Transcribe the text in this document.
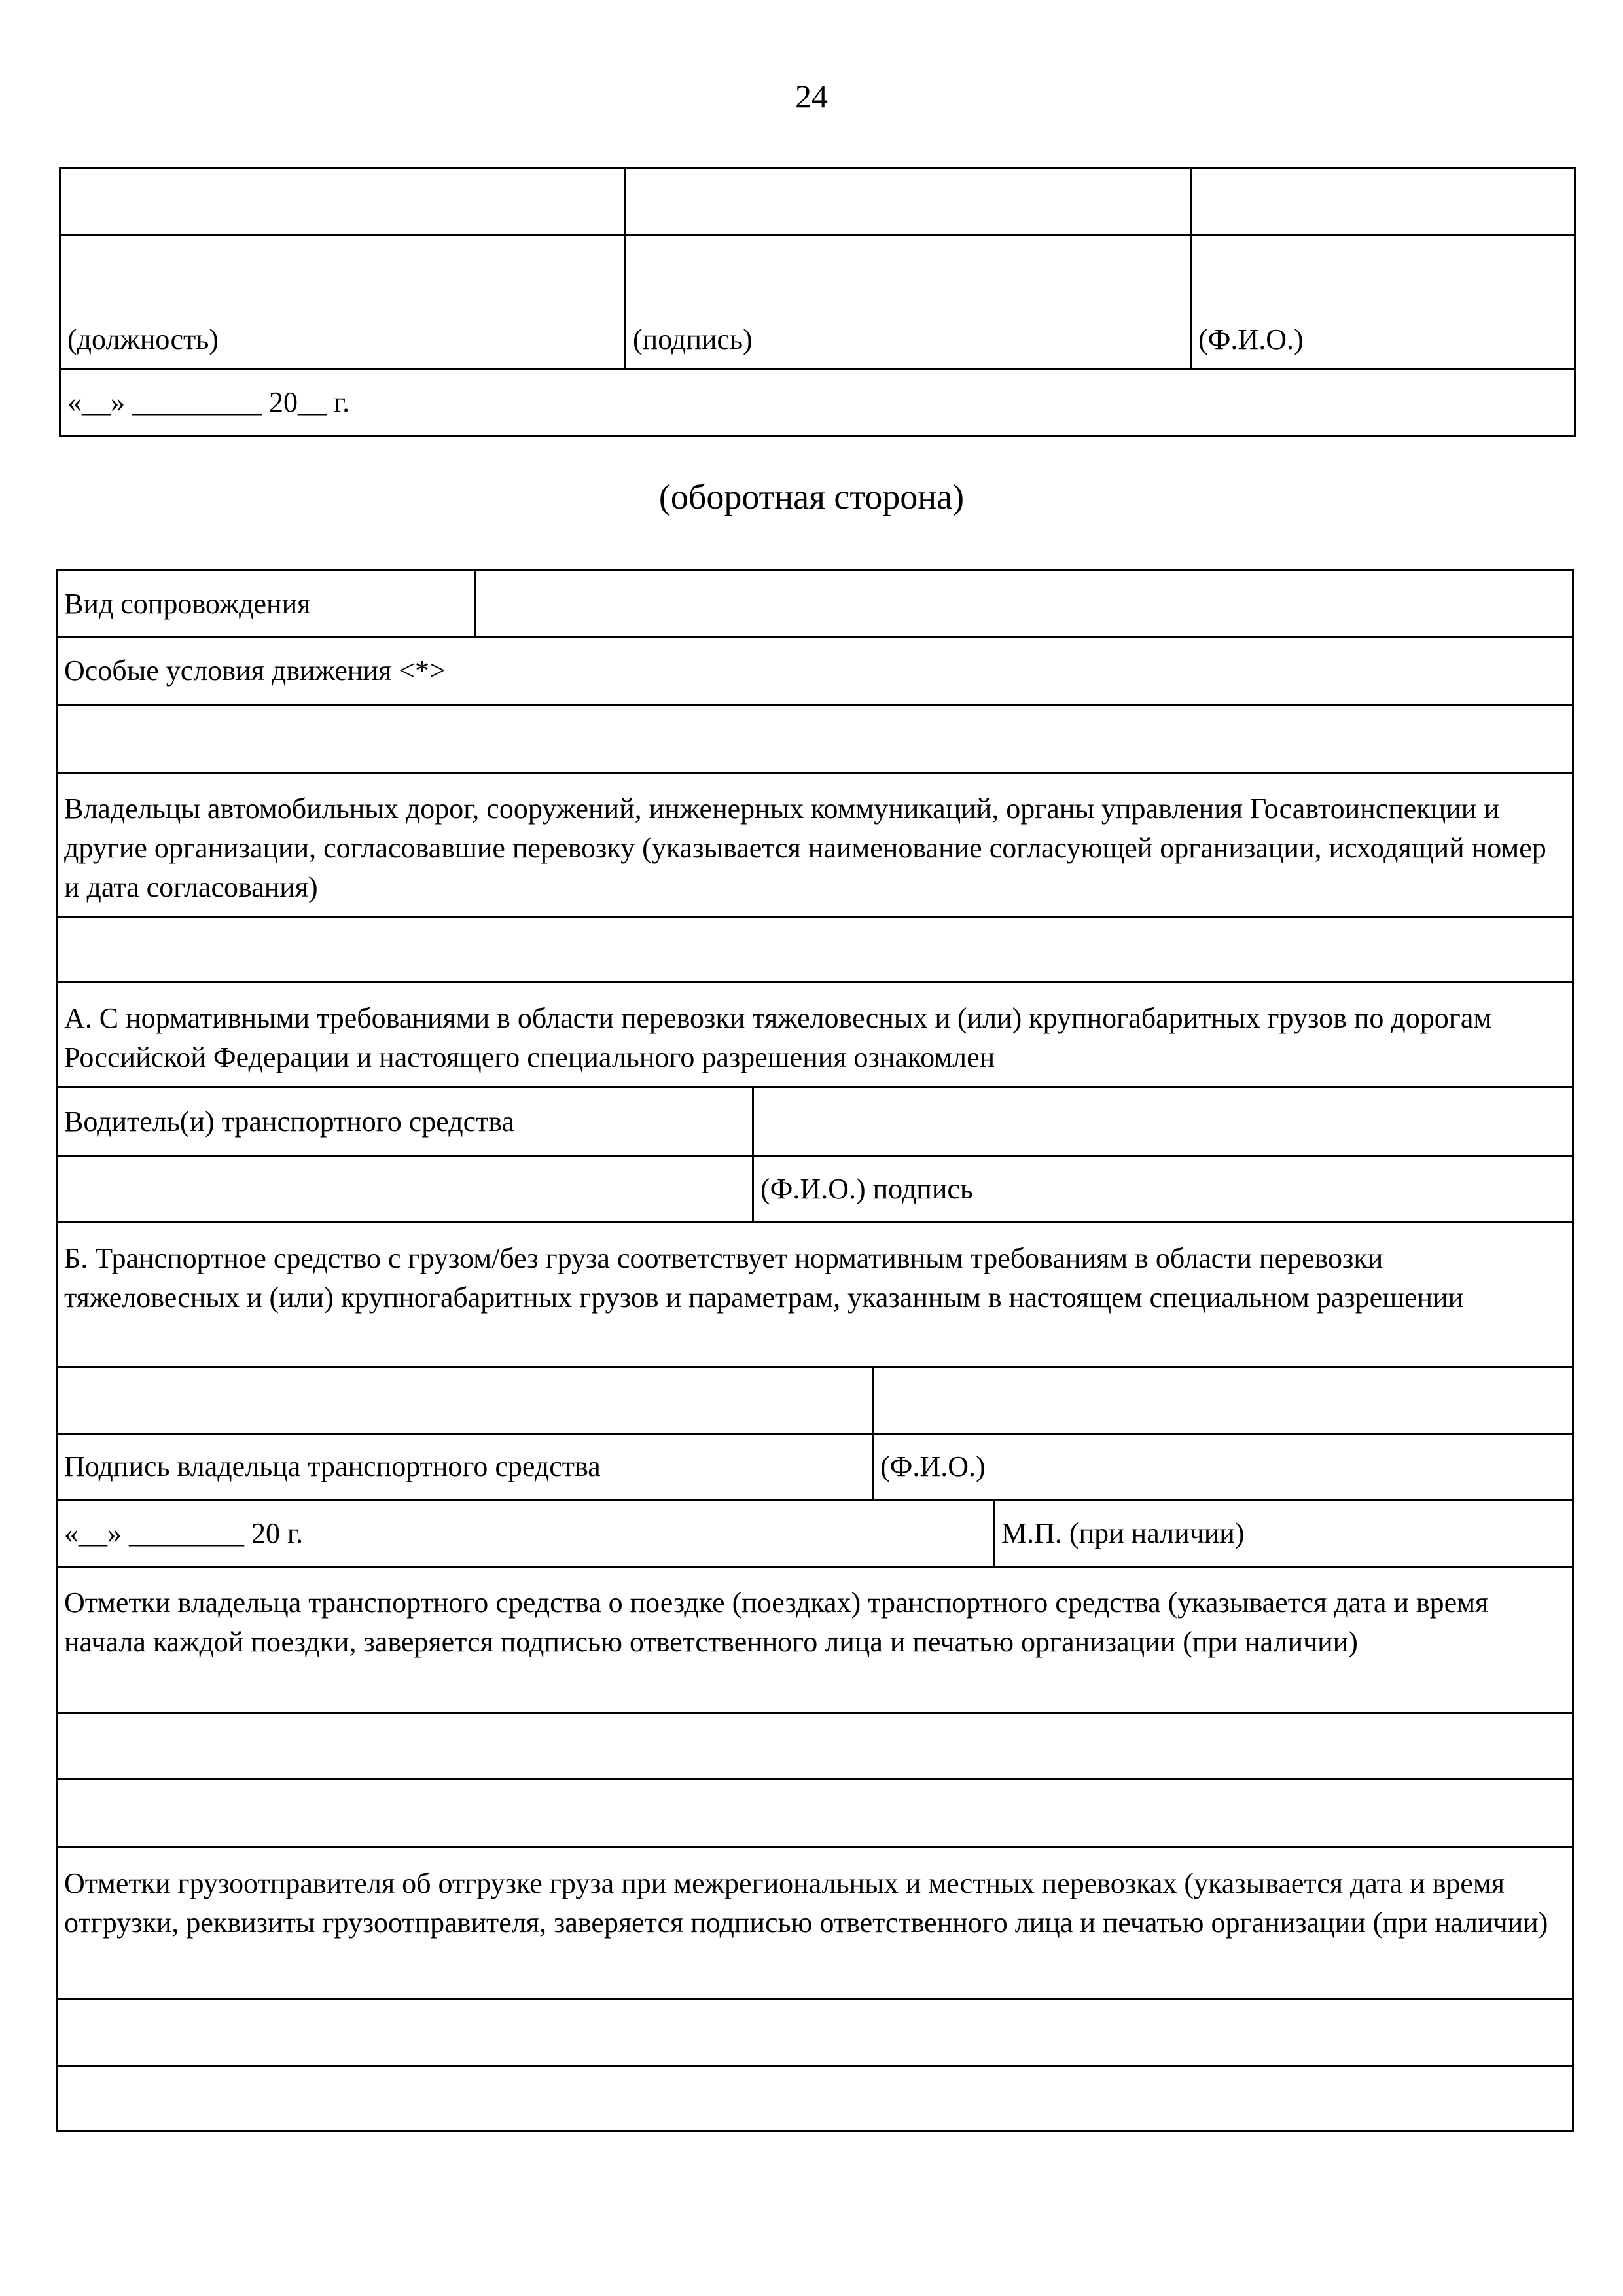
24
(должность)	(подпись)	(Ф.И.О.)
«__» _________ 20__ г.
(оборотная сторона)
Вид сопровождения
Особые условия движения <*>
Владельцы автомобильных дорог, сооружений, инженерных коммуникаций, органы управления Госавтоинспекции и другие организации, согласовавшие перевозку (указывается наименование согласующей организации, исходящий номер и дата согласования)
А. С нормативными требованиями в области перевозки тяжеловесных и (или) крупногабаритных грузов по дорогам Российской Федерации и настоящего специального разрешения ознакомлен
Водитель(и) транспортного средства
(Ф.И.О.) подпись
Б. Транспортное средство с грузом/без груза соответствует нормативным требованиям в области перевозки тяжеловесных и (или) крупногабаритных грузов и параметрам, указанным в настоящем специальном разрешении
Подпись владельца транспортного средства	(Ф.И.О.)
«__» ________ 20 г.	М.П. (при наличии)
Отметки владельца транспортного средства о поездке (поездках) транспортного средства (указывается дата и время начала каждой поездки, заверяется подписью ответственного лица и печатью организации (при наличии)
Отметки грузоотправителя об отгрузке груза при межрегиональных и местных перевозках (указывается дата и время отгрузки, реквизиты грузоотправителя, заверяется подписью ответственного лица и печатью организации (при наличии)
